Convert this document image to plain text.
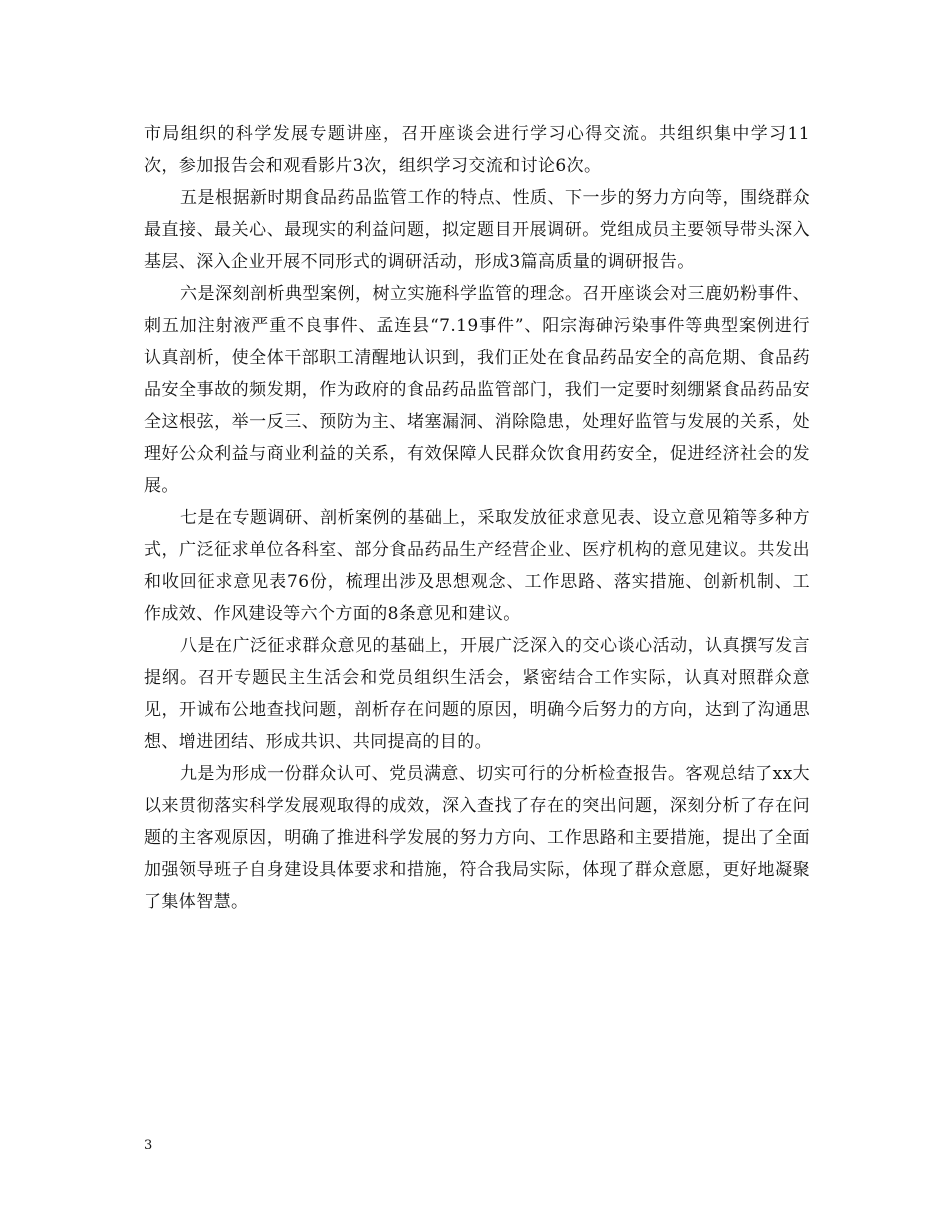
市局组织的科学发展专题讲座，召开座谈会进行学习心得交流。共组织集中学习11次，参加报告会和观看影片3次，组织学习交流和讨论6次。

五是根据新时期食品药品监管工作的特点、性质、下一步的努力方向等，围绕群众最直接、最关心、最现实的利益问题，拟定题目开展调研。党组成员主要领导带头深入基层、深入企业开展不同形式的调研活动，形成3篇高质量的调研报告。

六是深刻剖析典型案例，树立实施科学监管的理念。召开座谈会对三鹿奶粉事件、刺五加注射液严重不良事件、孟连县“7.19事件”、阳宗海砷污染事件等典型案例进行认真剖析，使全体干部职工清醒地认识到，我们正处在食品药品安全的高危期、食品药品安全事故的频发期，作为政府的食品药品监管部门，我们一定要时刻绷紧食品药品安全这根弦，举一反三、预防为主、堵塞漏洞、消除隐患，处理好监管与发展的关系，处理好公众利益与商业利益的关系，有效保障人民群众饮食用药安全，促进经济社会的发展。

七是在专题调研、剖析案例的基础上，采取发放征求意见表、设立意见箱等多种方式，广泛征求单位各科室、部分食品药品生产经营企业、医疗机构的意见建议。共发出和收回征求意见表76份，梳理出涉及思想观念、工作思路、落实措施、创新机制、工作成效、作风建设等六个方面的8条意见和建议。

八是在广泛征求群众意见的基础上，开展广泛深入的交心谈心活动，认真撰写发言提纲。召开专题民主生活会和党员组织生活会，紧密结合工作实际，认真对照群众意见，开诚布公地查找问题，剖析存在问题的原因，明确今后努力的方向，达到了沟通思想、增进团结、形成共识、共同提高的目的。

九是为形成一份群众认可、党员满意、切实可行的分析检查报告。客观总结了xx大以来贯彻落实科学发展观取得的成效，深入查找了存在的突出问题，深刻分析了存在问题的主客观原因，明确了推进科学发展的努力方向、工作思路和主要措施，提出了全面加强领导班子自身建设具体要求和措施，符合我局实际，体现了群众意愿，更好地凝聚了集体智慧。

3
